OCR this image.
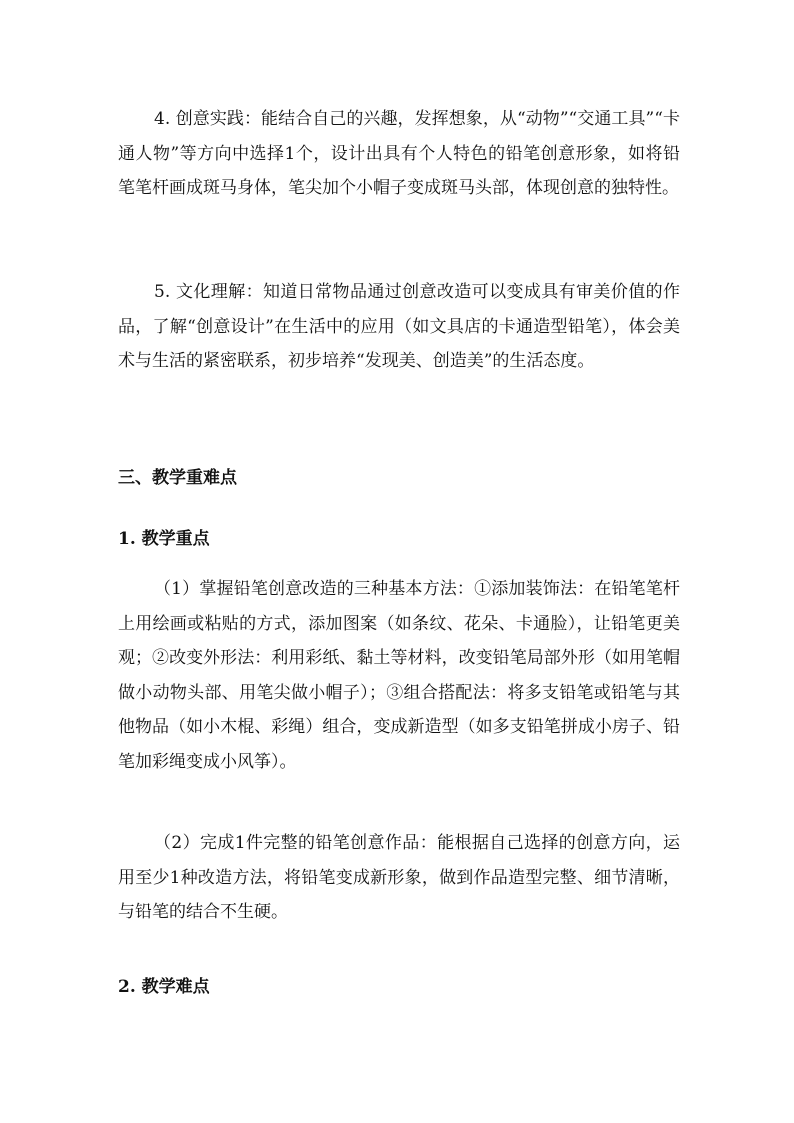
4. 创意实践：能结合自己的兴趣，发挥想象，从“动物”“交通工具”“卡通人物”等方向中选择1个，设计出具有个人特色的铅笔创意形象，如将铅笔笔杆画成斑马身体，笔尖加个小帽子变成斑马头部，体现创意的独特性。

5. 文化理解：知道日常物品通过创意改造可以变成具有审美价值的作品，了解“创意设计”在生活中的应用（如文具店的卡通造型铅笔），体会美术与生活的紧密联系，初步培养“发现美、创造美”的生活态度。

三、教学重难点
1. 教学重点

（1）掌握铅笔创意改造的三种基本方法：①添加装饰法：在铅笔笔杆上用绘画或粘贴的方式，添加图案（如条纹、花朵、卡通脸），让铅笔更美观；②改变外形法：利用彩纸、黏土等材料，改变铅笔局部外形（如用笔帽做小动物头部、用笔尖做小帽子）；③组合搭配法：将多支铅笔或铅笔与其他物品（如小木棍、彩绳）组合，变成新造型（如多支铅笔拼成小房子、铅笔加彩绳变成小风筝）。

（2）完成1件完整的铅笔创意作品：能根据自己选择的创意方向，运用至少1种改造方法，将铅笔变成新形象，做到作品造型完整、细节清晰，与铅笔的结合不生硬。

2. 教学难点
